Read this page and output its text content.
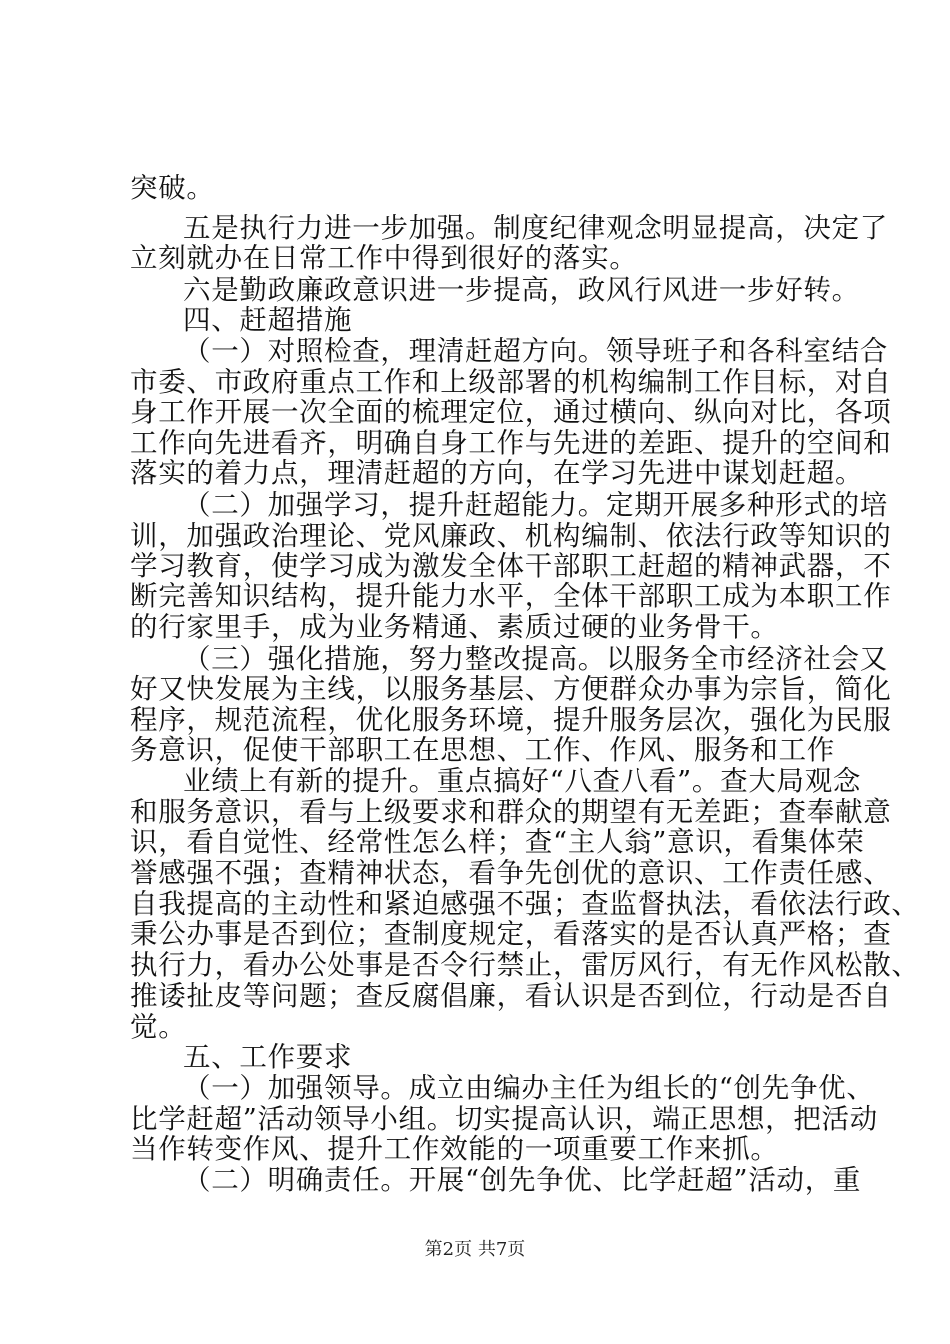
突破。
五是执行力进一步加强。制度纪律观念明显提高，决定了
立刻就办在日常工作中得到很好的落实。
六是勤政廉政意识进一步提高，政风行风进一步好转。
四、赶超措施
（一）对照检查，理清赶超方向。领导班子和各科室结合
市委、市政府重点工作和上级部署的机构编制工作目标，对自
身工作开展一次全面的梳理定位，通过横向、纵向对比，各项
工作向先进看齐，明确自身工作与先进的差距、提升的空间和
落实的着力点，理清赶超的方向，在学习先进中谋划赶超。
（二）加强学习，提升赶超能力。定期开展多种形式的培
训，加强政治理论、党风廉政、机构编制、依法行政等知识的
学习教育，使学习成为激发全体干部职工赶超的精神武器，不
断完善知识结构，提升能力水平，全体干部职工成为本职工作
的行家里手，成为业务精通、素质过硬的业务骨干。
（三）强化措施，努力整改提高。以服务全市经济社会又
好又快发展为主线，以服务基层、方便群众办事为宗旨，简化
程序，规范流程，优化服务环境，提升服务层次，强化为民服
务意识，促使干部职工在思想、工作、作风、服务和工作
业绩上有新的提升。重点搞好“八查八看”。查大局观念
和服务意识，看与上级要求和群众的期望有无差距；查奉献意
识，看自觉性、经常性怎么样；查“主人翁”意识，看集体荣
誉感强不强；查精神状态，看争先创优的意识、工作责任感、
自我提高的主动性和紧迫感强不强；查监督执法，看依法行政、
秉公办事是否到位；查制度规定，看落实的是否认真严格；查
执行力，看办公处事是否令行禁止，雷厉风行，有无作风松散、
推诿扯皮等问题；查反腐倡廉，看认识是否到位，行动是否自
觉。
五、工作要求
（一）加强领导。成立由编办主任为组长的“创先争优、
比学赶超”活动领导小组。切实提高认识，端正思想，把活动
当作转变作风、提升工作效能的一项重要工作来抓。
（二）明确责任。开展“创先争优、比学赶超”活动，重
第2页 共7页
